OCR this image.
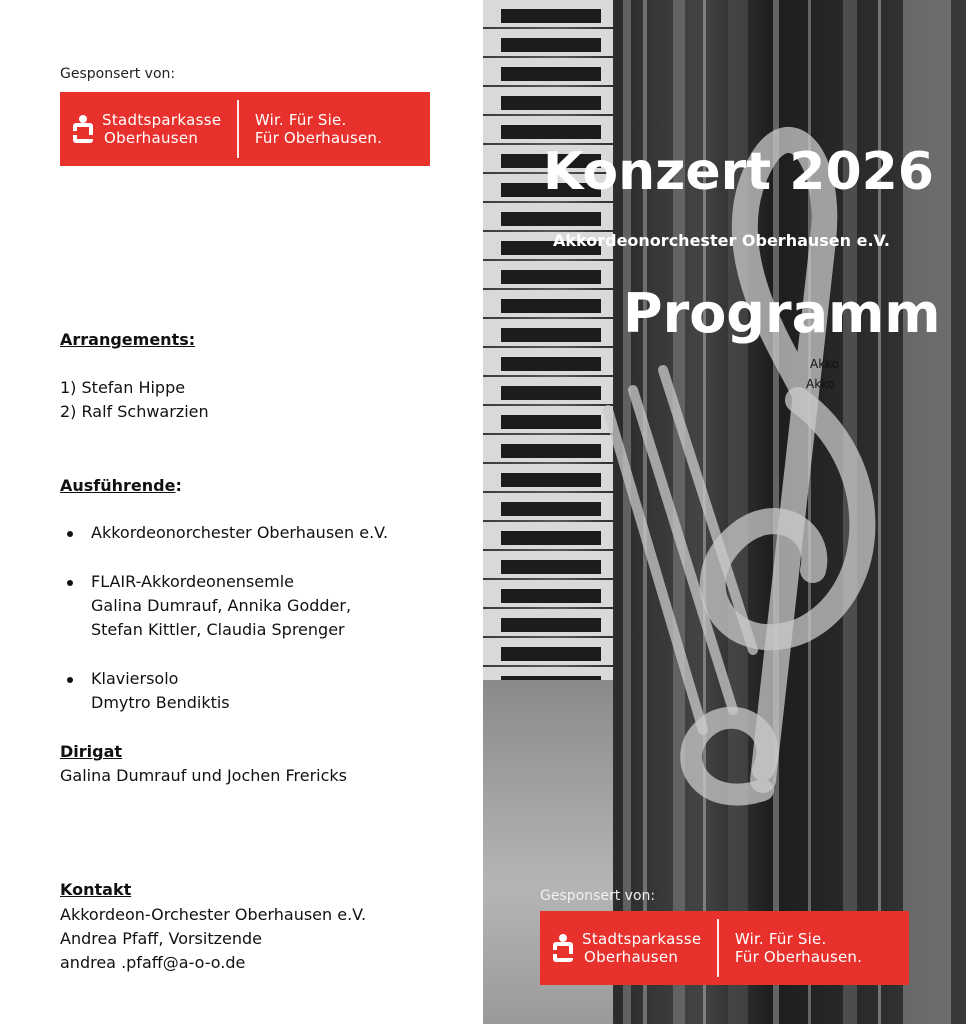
Gesponsert von:
Stadtsparkasse
Oberhausen
Wir. Für Sie.
Für Oberhausen.
Arrangements:
1) Stefan Hippe
2) Ralf Schwarzien
Ausführende:
Akkordeonorchester Oberhausen e.V.
FLAIR-Akkordeonensemle
Galina Dumrauf, Annika Godder,
Stefan Kittler, Claudia Sprenger
Klaviersolo
Dmytro Bendiktis
Dirigat
Galina Dumrauf und Jochen Frericks
Kontakt
Akkordeon-Orchester Oberhausen e.V.
Andrea Pfaff, Vorsitzende
andrea .pfaff@a-o-o.de
Konzert 2026
Akkordeonorchester Oberhausen e.V.
Programm
Akko
Akko
Gesponsert von:
Stadtsparkasse
Oberhausen
Wir. Für Sie.
Für Oberhausen.
